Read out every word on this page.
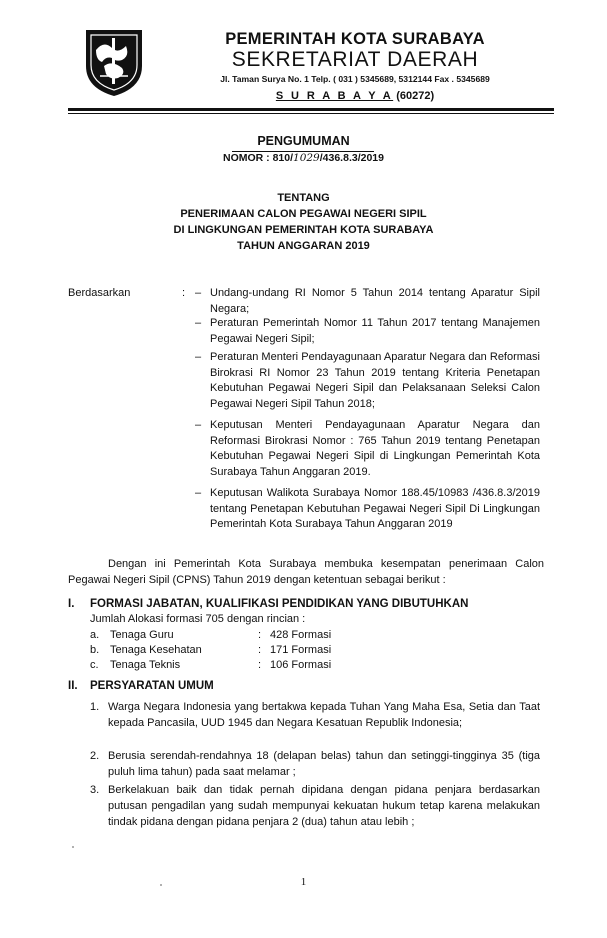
PEMERINTAH KOTA SURABAYA
SEKRETARIAT DAERAH
Jl. Taman Surya No. 1 Telp. ( 031 ) 5345689, 5312144 Fax . 5345689
S U R A B A Y A (60272)
PENGUMUMAN
NOMOR : 810/1029/436.8.3/2019
TENTANG
PENERIMAAN CALON PEGAWAI NEGERI SIPIL
DI LINGKUNGAN PEMERINTAH KOTA SURABAYA
TAHUN ANGGARAN 2019
Berdasarkan	: – Undang-undang RI Nomor 5 Tahun 2014 tentang Aparatur Sipil Negara;
– Peraturan Pemerintah Nomor 11 Tahun 2017 tentang Manajemen Pegawai Negeri Sipil;
– Peraturan Menteri Pendayagunaan Aparatur Negara dan Reformasi Birokrasi RI Nomor 23 Tahun 2019 tentang Kriteria Penetapan Kebutuhan Pegawai Negeri Sipil dan Pelaksanaan Seleksi Calon Pegawai Negeri Sipil Tahun 2018;
– Keputusan Menteri Pendayagunaan Aparatur Negara dan Reformasi Birokrasi Nomor : 765 Tahun 2019 tentang Penetapan Kebutuhan Pegawai Negeri Sipil di Lingkungan Pemerintah Kota Surabaya Tahun Anggaran 2019.
– Keputusan Walikota Surabaya Nomor 188.45/10983 /436.8.3/2019 tentang Penetapan Kebutuhan Pegawai Negeri Sipil Di Lingkungan Pemerintah Kota Surabaya Tahun Anggaran 2019
Dengan ini Pemerintah Kota Surabaya membuka kesempatan penerimaan Calon Pegawai Negeri Sipil (CPNS) Tahun 2019 dengan ketentuan sebagai berikut :
I. FORMASI JABATAN, KUALIFIKASI PENDIDIKAN YANG DIBUTUHKAN
Jumlah Alokasi formasi 705 dengan rincian :
a. Tenaga Guru	: 428 Formasi
b. Tenaga Kesehatan	: 171 Formasi
c. Tenaga Teknis	: 106 Formasi
II. PERSYARATAN UMUM
1. Warga Negara Indonesia yang bertakwa kepada Tuhan Yang Maha Esa, Setia dan Taat kepada Pancasila, UUD 1945 dan Negara Kesatuan Republik Indonesia;
2. Berusia serendah-rendahnya 18 (delapan belas) tahun dan setinggi-tingginya 35 (tiga puluh lima tahun) pada saat melamar ;
3. Berkelakuan baik dan tidak pernah dipidana dengan pidana penjara berdasarkan putusan pengadilan yang sudah mempunyai kekuatan hukum tetap karena melakukan tindak pidana dengan pidana penjara 2 (dua) tahun atau lebih ;
1
